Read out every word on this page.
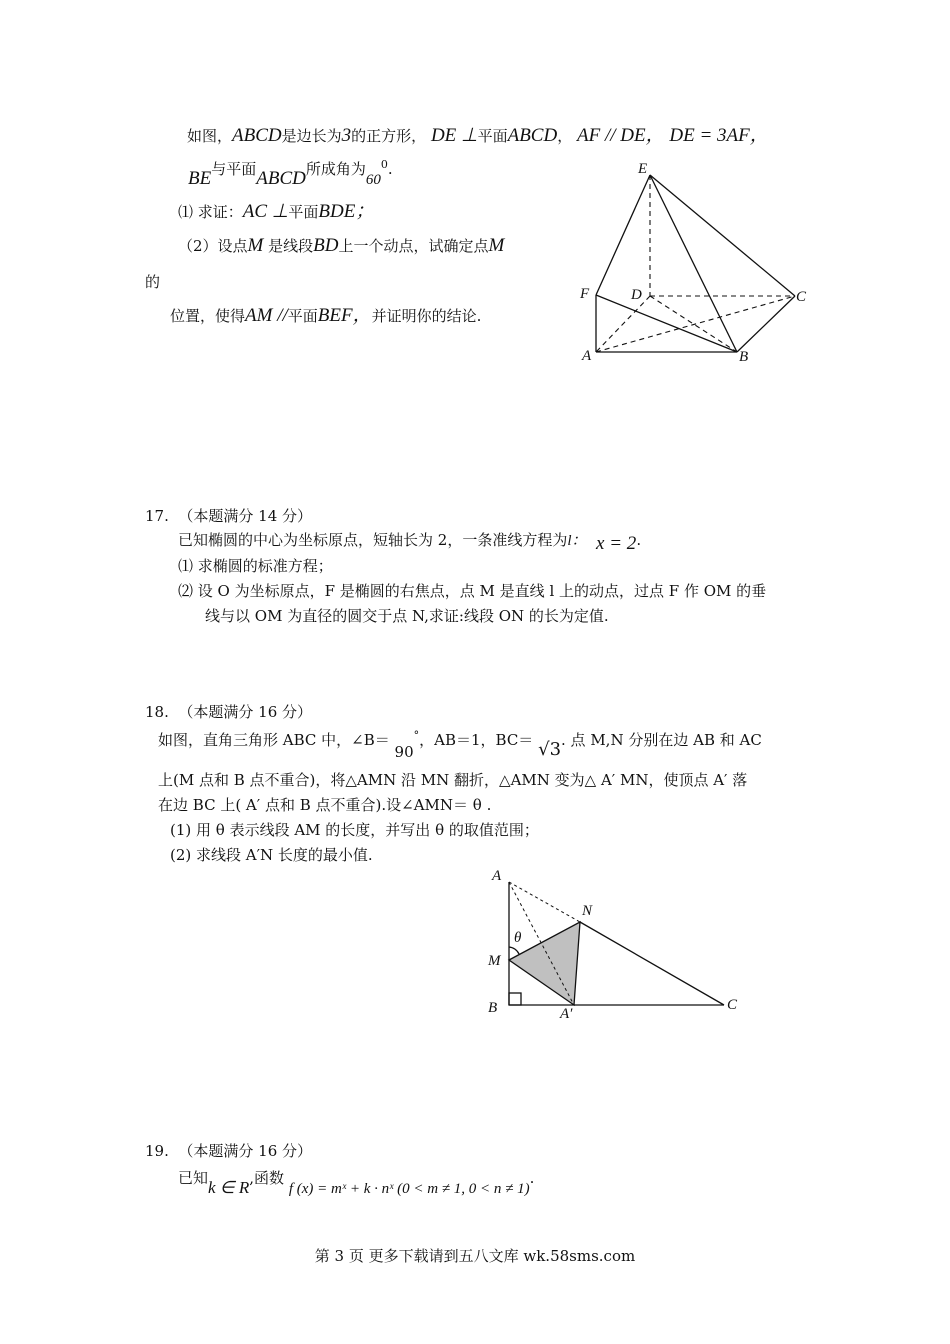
如图，ABCD是边长为3的正方形， DE ⊥平面ABCD， AF // DE， DE = 3AF，
BE与平面ABCD所成角为$60^0$.
⑴ 求证：AC ⊥平面BDE；
（2）设点M 是线段BD上一个动点，试确定点M
的
位置，使得AM //平面BEF，并证明你的结论.
E
F	D	C
A	B
17. （本题满分 14 分）
已知椭圆的中心为坐标原点，短轴长为 2，一条准线方程为l： x = 2.
⑴ 求椭圆的标准方程；
⑵ 设 O 为坐标原点，F 是椭圆的右焦点，点 M 是直线 l 上的动点，过点 F 作 OM 的垂
线与以 OM 为直径的圆交于点 N,求证:线段 ON 的长为定值.
18. （本题满分 16 分）
如图，直角三角形 ABC 中，∠B＝ 90°，AB＝1，BC＝ √3. 点 M,N 分别在边 AB 和 AC
上(M 点和 B 点不重合)，将△AMN 沿 MN 翻折，△AMN 变为△ A′ MN，使顶点 A′ 落
在边 BC 上( A′ 点和 B 点不重合).设∠AMN＝ θ .
(1) 用 θ 表示线段 AM 的长度，并写出 θ 的取值范围；
(2) 求线段 A′N 长度的最小值.
A
N
θ
M
B	A′
C
19. （本题满分 16 分）
已知k ∈ R,函数 f (x) = mˣ + k · nˣ (0 < m ≠ 1, 0 < n ≠ 1).
第 3 页 更多下载请到五八文库 wk.58sms.com
